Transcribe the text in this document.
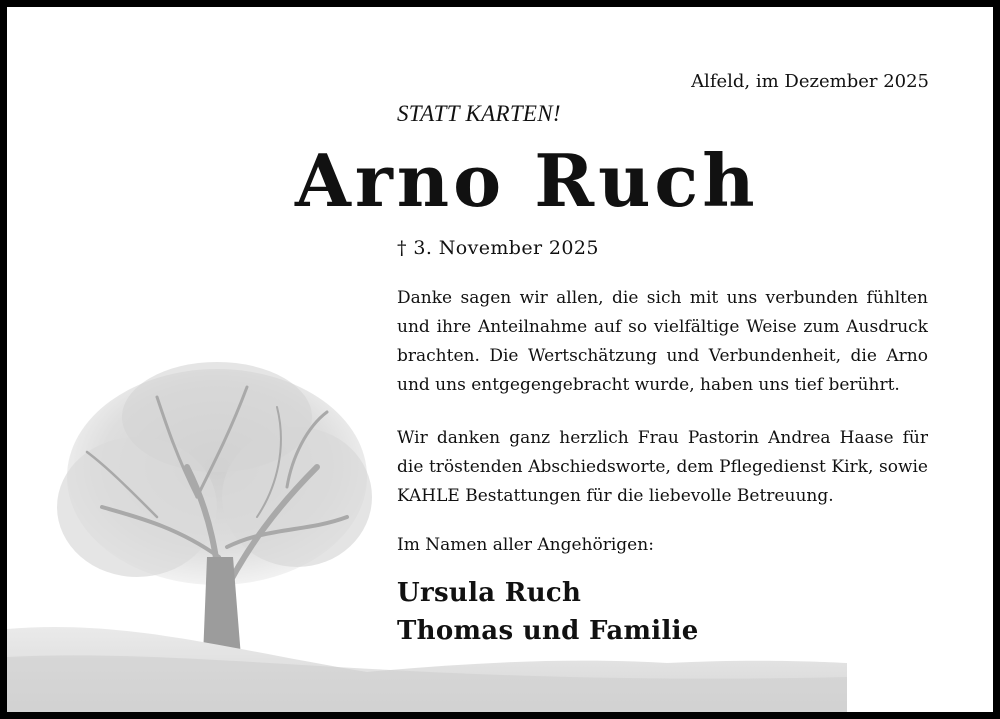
Alfeld, im Dezember 2025
STATT KARTEN!
Arno Ruch
† 3. November 2025
Danke sagen wir allen, die sich mit uns verbunden fühlten und ihre Anteilnahme auf so vielfältige Weise zum Ausdruck brachten. Die Wertschätzung und Verbundenheit, die Arno und uns entgegengebracht wurde, haben uns tief berührt.
Wir danken ganz herzlich Frau Pastorin Andrea Haase für die tröstenden Abschiedsworte, dem Pflegedienst Kirk, sowie KAHLE Bestattungen für die liebevolle Betreuung.
Im Namen aller Angehörigen:
Ursula Ruch
Thomas und Familie
